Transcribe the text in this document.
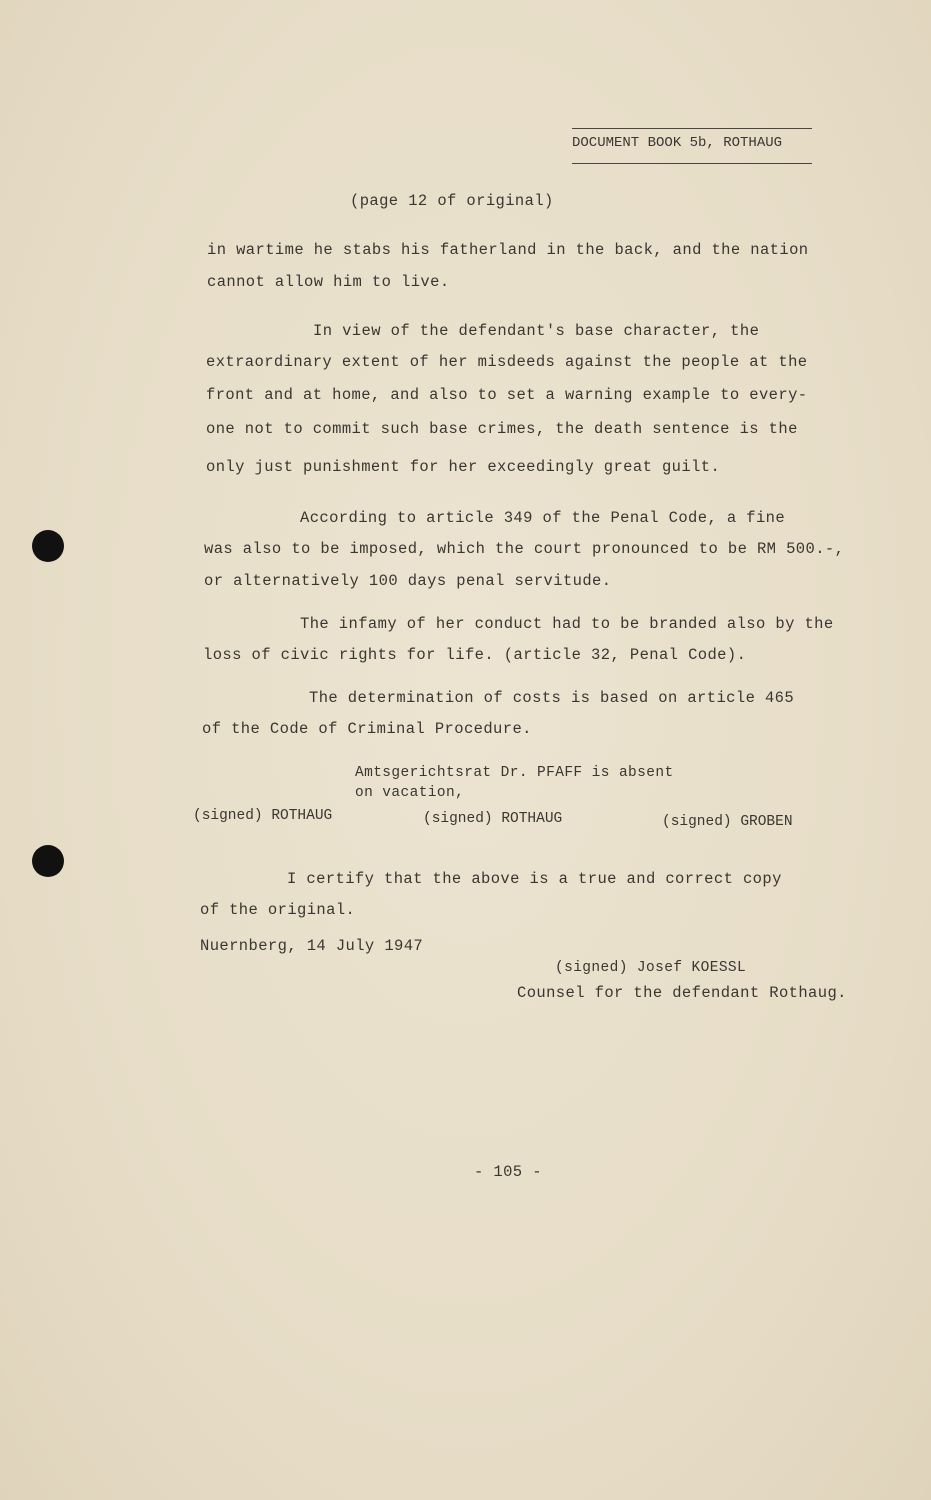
DOCUMENT BOOK 5b, ROTHAUG
(page 12 of original)
in wartime he stabs his fatherland in the back, and the nation
cannot allow him to live.
In view of the defendant's base character, the
extraordinary extent of her misdeeds against the people at the
front and at home, and also to set a warning example to every-
one not to commit such base crimes, the death sentence is the
only just punishment for her exceedingly great guilt.
According to article 349 of the Penal Code, a fine
was also to be imposed, which the court pronounced to be RM 500.-,
or alternatively 100 days penal servitude.
The infamy of her conduct had to be branded also by the
loss of civic rights for life. (article 32, Penal Code).
The determination of costs is based on article 465
of the Code of Criminal Procedure.
Amtsgerichtsrat Dr. PFAFF is absent
on vacation,
(signed) ROTHAUG	(signed) ROTHAUG	(signed) GROBEN
I certify that the above is a true and correct copy
of the original.
Nuernberg, 14 July 1947
(signed) Josef KOESSL
Counsel for the defendant Rothaug.
- 105 -
